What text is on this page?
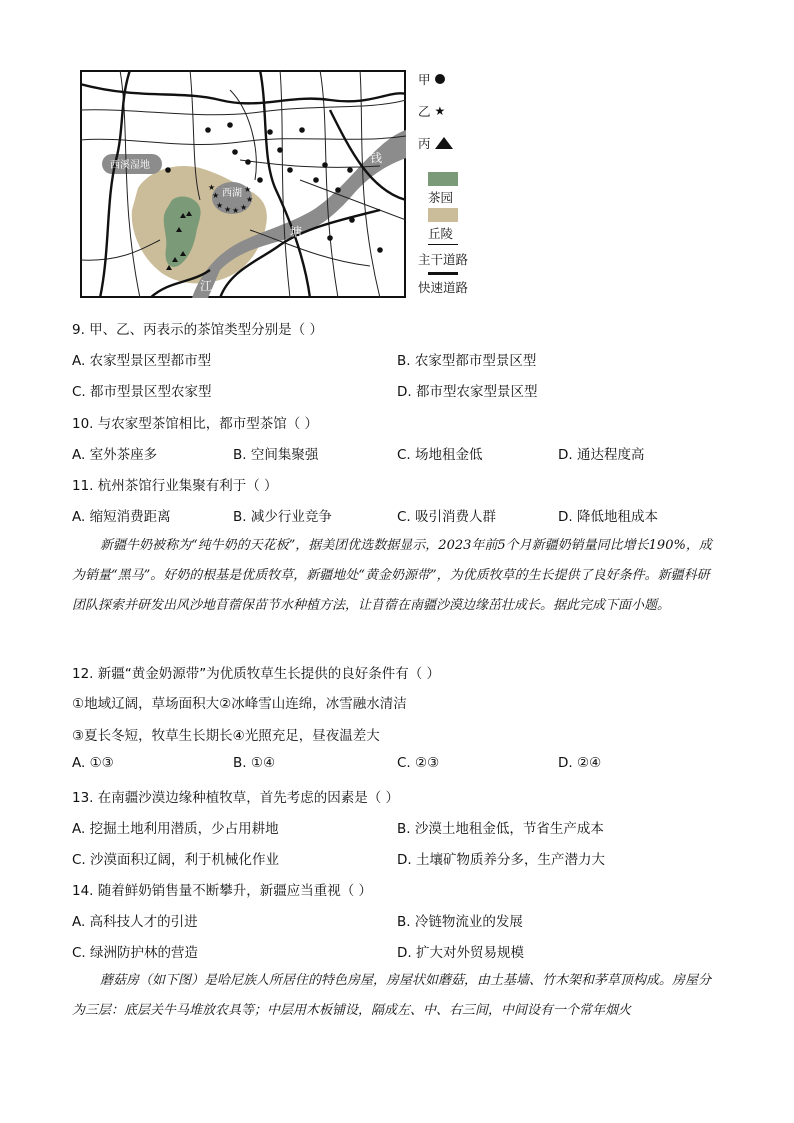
★
★
★ ★ ★ ★
★
★
西溪湿地
西湖
钱
塘
江
甲
乙 ★
丙
茶园
丘陵
主干道路
快速道路
9. 甲、乙、丙表示的茶馆类型分别是（ ）
A. 农家型景区型都市型	B. 农家型都市型景区型
C. 都市型景区型农家型	D. 都市型农家型景区型
10. 与农家型茶馆相比，都市型茶馆（ ）
A. 室外茶座多	B. 空间集聚强	C. 场地租金低	D. 通达程度高
11. 杭州茶馆行业集聚有利于（ ）
A. 缩短消费距离	B. 减少行业竞争	C. 吸引消费人群	D. 降低地租成本
新疆牛奶被称为“纯牛奶的天花板”，据美团优选数据显示，2023年前5个月新疆奶销量同比增长190%，成为销量“黑马”。好奶的根基是优质牧草，新疆地处“黄金奶源带”，为优质牧草的生长提供了良好条件。新疆科研团队探索并研发出风沙地苜蓿保苗节水种植方法，让苜蓿在南疆沙漠边缘茁壮成长。据此完成下面小题。
12. 新疆“黄金奶源带”为优质牧草生长提供的良好条件有（ ）
①地域辽阔，草场面积大②冰峰雪山连绵，冰雪融水清洁
③夏长冬短，牧草生长期长④光照充足，昼夜温差大
A. ①③	B. ①④	C. ②③	D. ②④
13. 在南疆沙漠边缘种植牧草，首先考虑的因素是（ ）
A. 挖掘土地利用潜质，少占用耕地	B. 沙漠土地租金低，节省生产成本
C. 沙漠面积辽阔，利于机械化作业	D. 土壤矿物质养分多，生产潜力大
14. 随着鲜奶销售量不断攀升，新疆应当重视（ ）
A. 高科技人才的引进	B. 冷链物流业的发展
C. 绿洲防护林的营造	D. 扩大对外贸易规模
蘑菇房（如下图）是哈尼族人所居住的特色房屋，房屋状如蘑菇，由土基墙、竹木架和茅草顶构成。房屋分为三层：底层关牛马堆放农具等；中层用木板铺设，隔成左、中、右三间，中间设有一个常年烟火
